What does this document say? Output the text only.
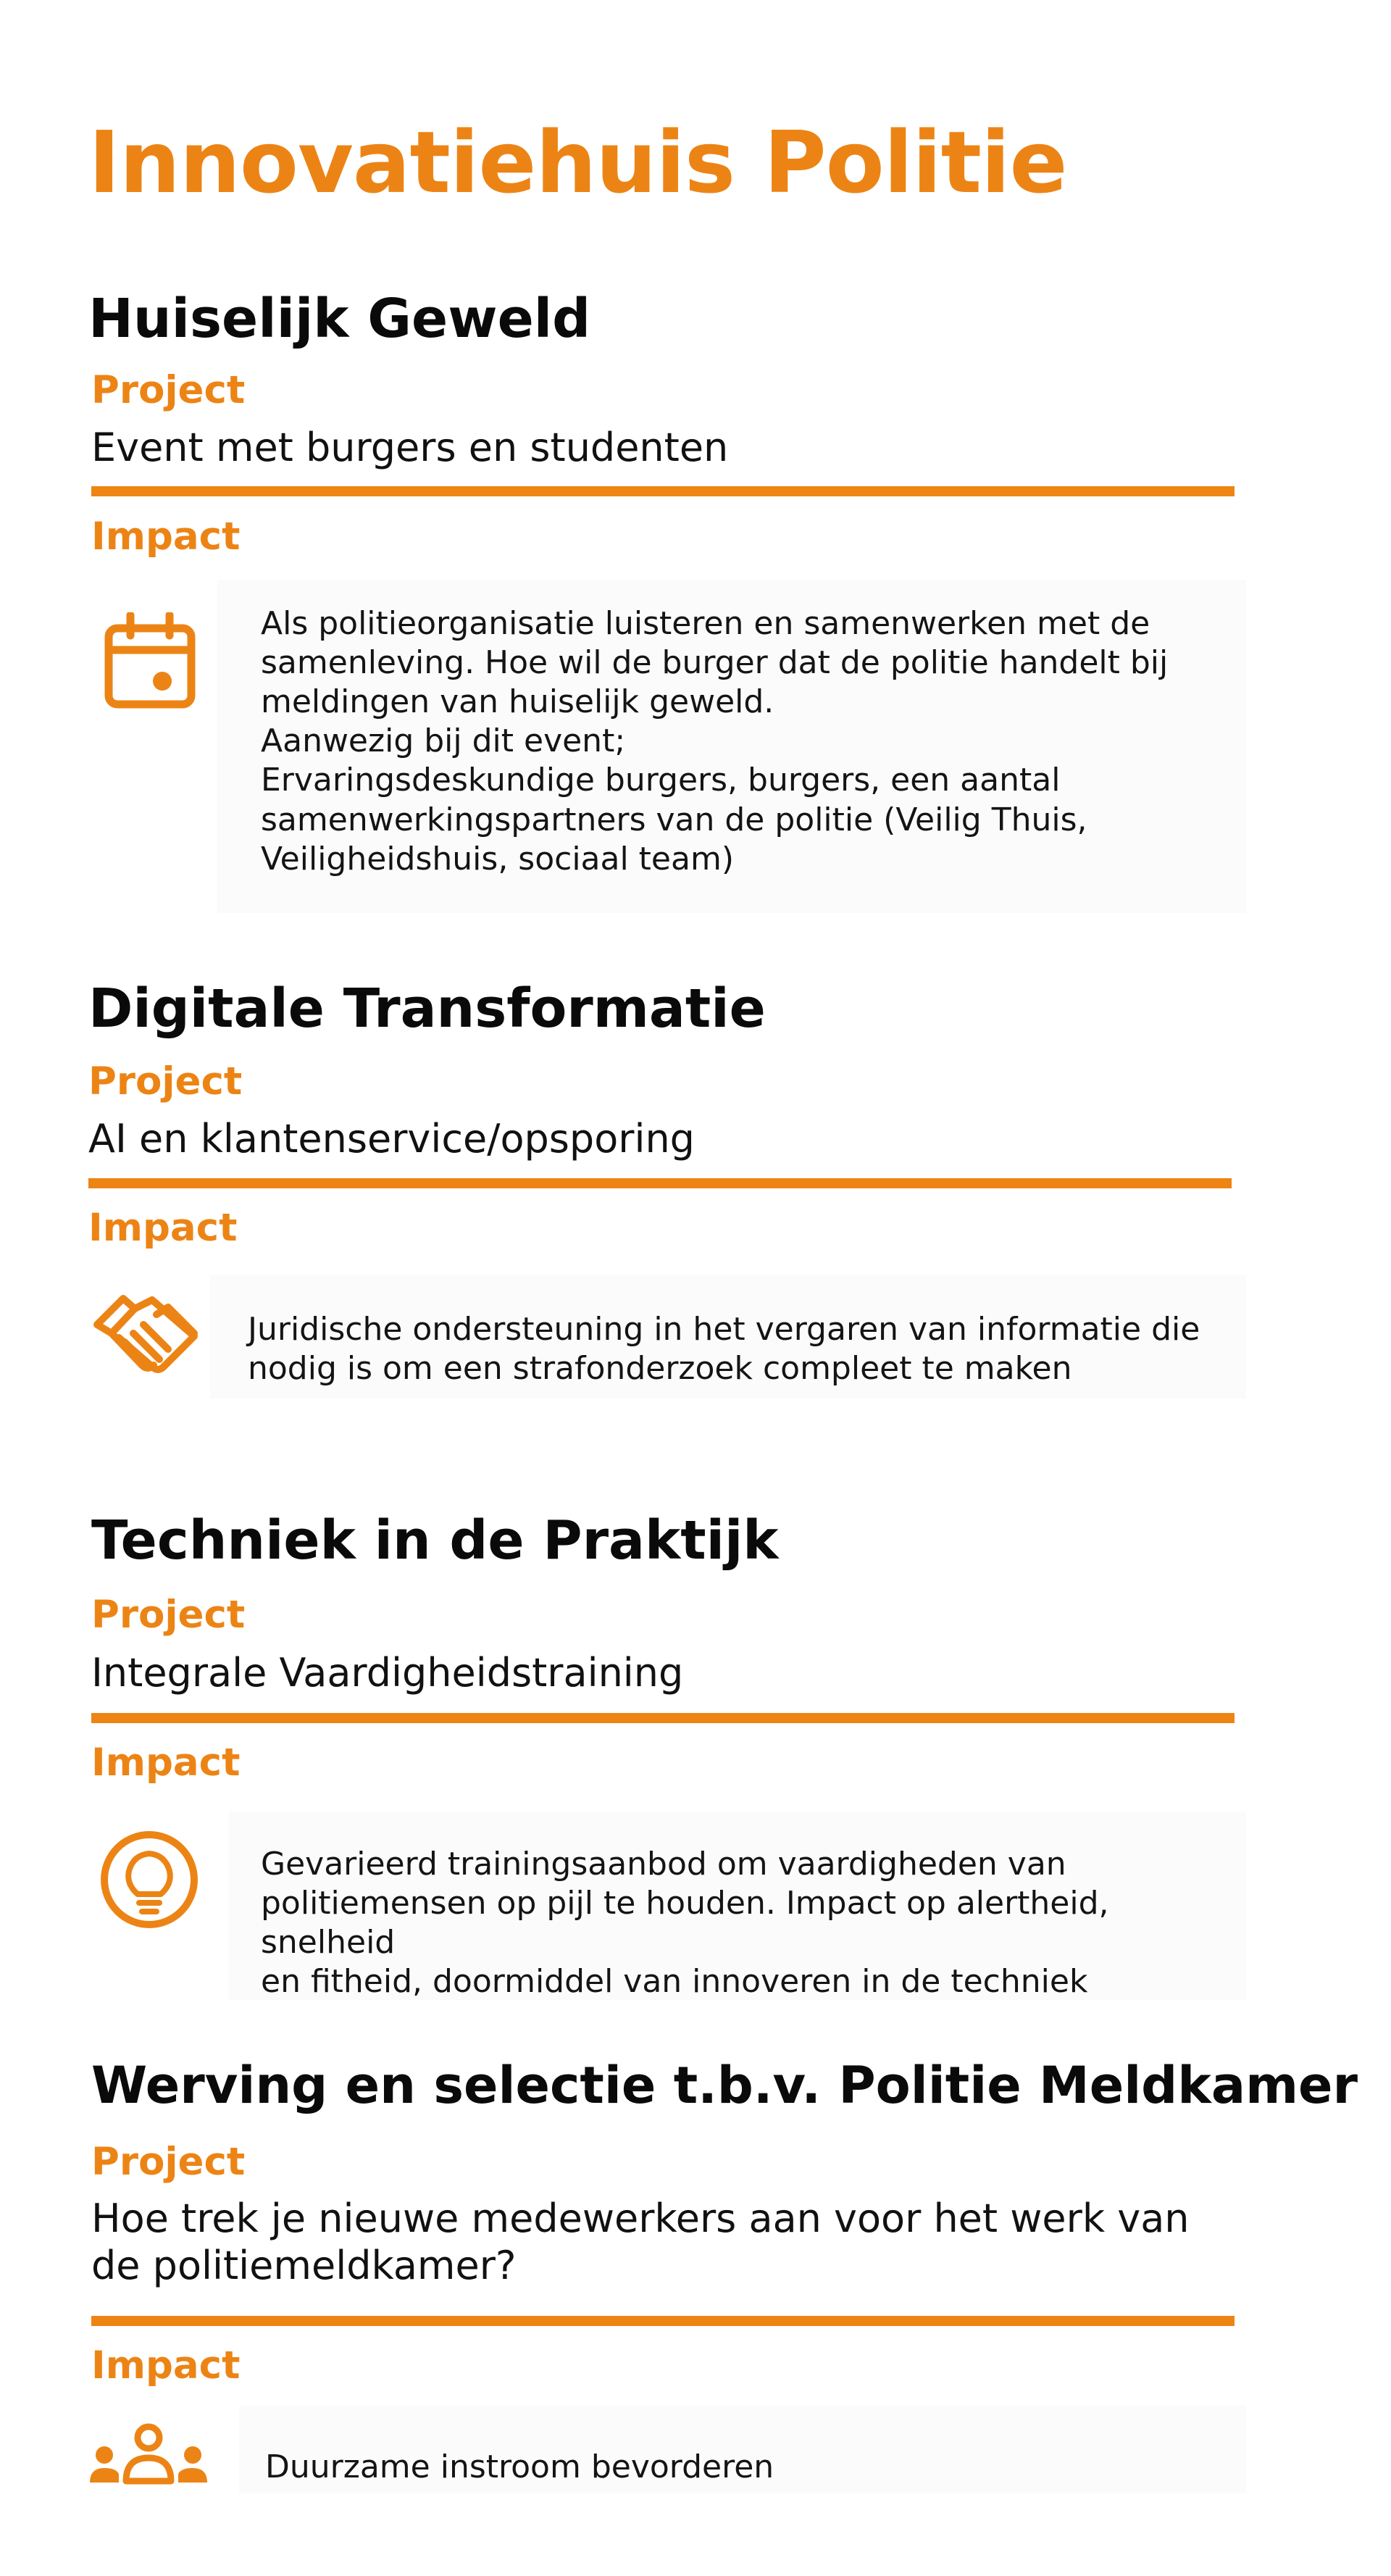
Innovatiehuis Politie
Huiselijk Geweld

Project

Event met burgers en studenten

Impact

Als politieorganisatie luisteren en samenwerken met de
samenleving. Hoe wil de burger dat de politie handelt bij
meldingen van huiselijk geweld.
Aanwezig bij dit event;
Ervaringsdeskundige burgers, burgers, een aantal
samenwerkingspartners van de politie (Veilig Thuis,
Veiligheidshuis, sociaal team)

Digitale Transformatie

Project

AI en klantenservice/opsporing

Impact

Juridische ondersteuning in het vergaren van informatie die
nodig is om een strafonderzoek compleet te maken

Techniek in de Praktijk

Project

Integrale Vaardigheidstraining

Impact

Gevarieerd trainingsaanbod om vaardigheden van
politiemensen op pijl te houden. Impact op alertheid, snelheid
en fitheid, doormiddel van innoveren in de techniek

Werving en selectie t.b.v. Politie Meldkamer

Project

Hoe trek je nieuwe medewerkers aan voor het werk van de politiemeldkamer?

Impact

Duurzame instroom bevorderen
